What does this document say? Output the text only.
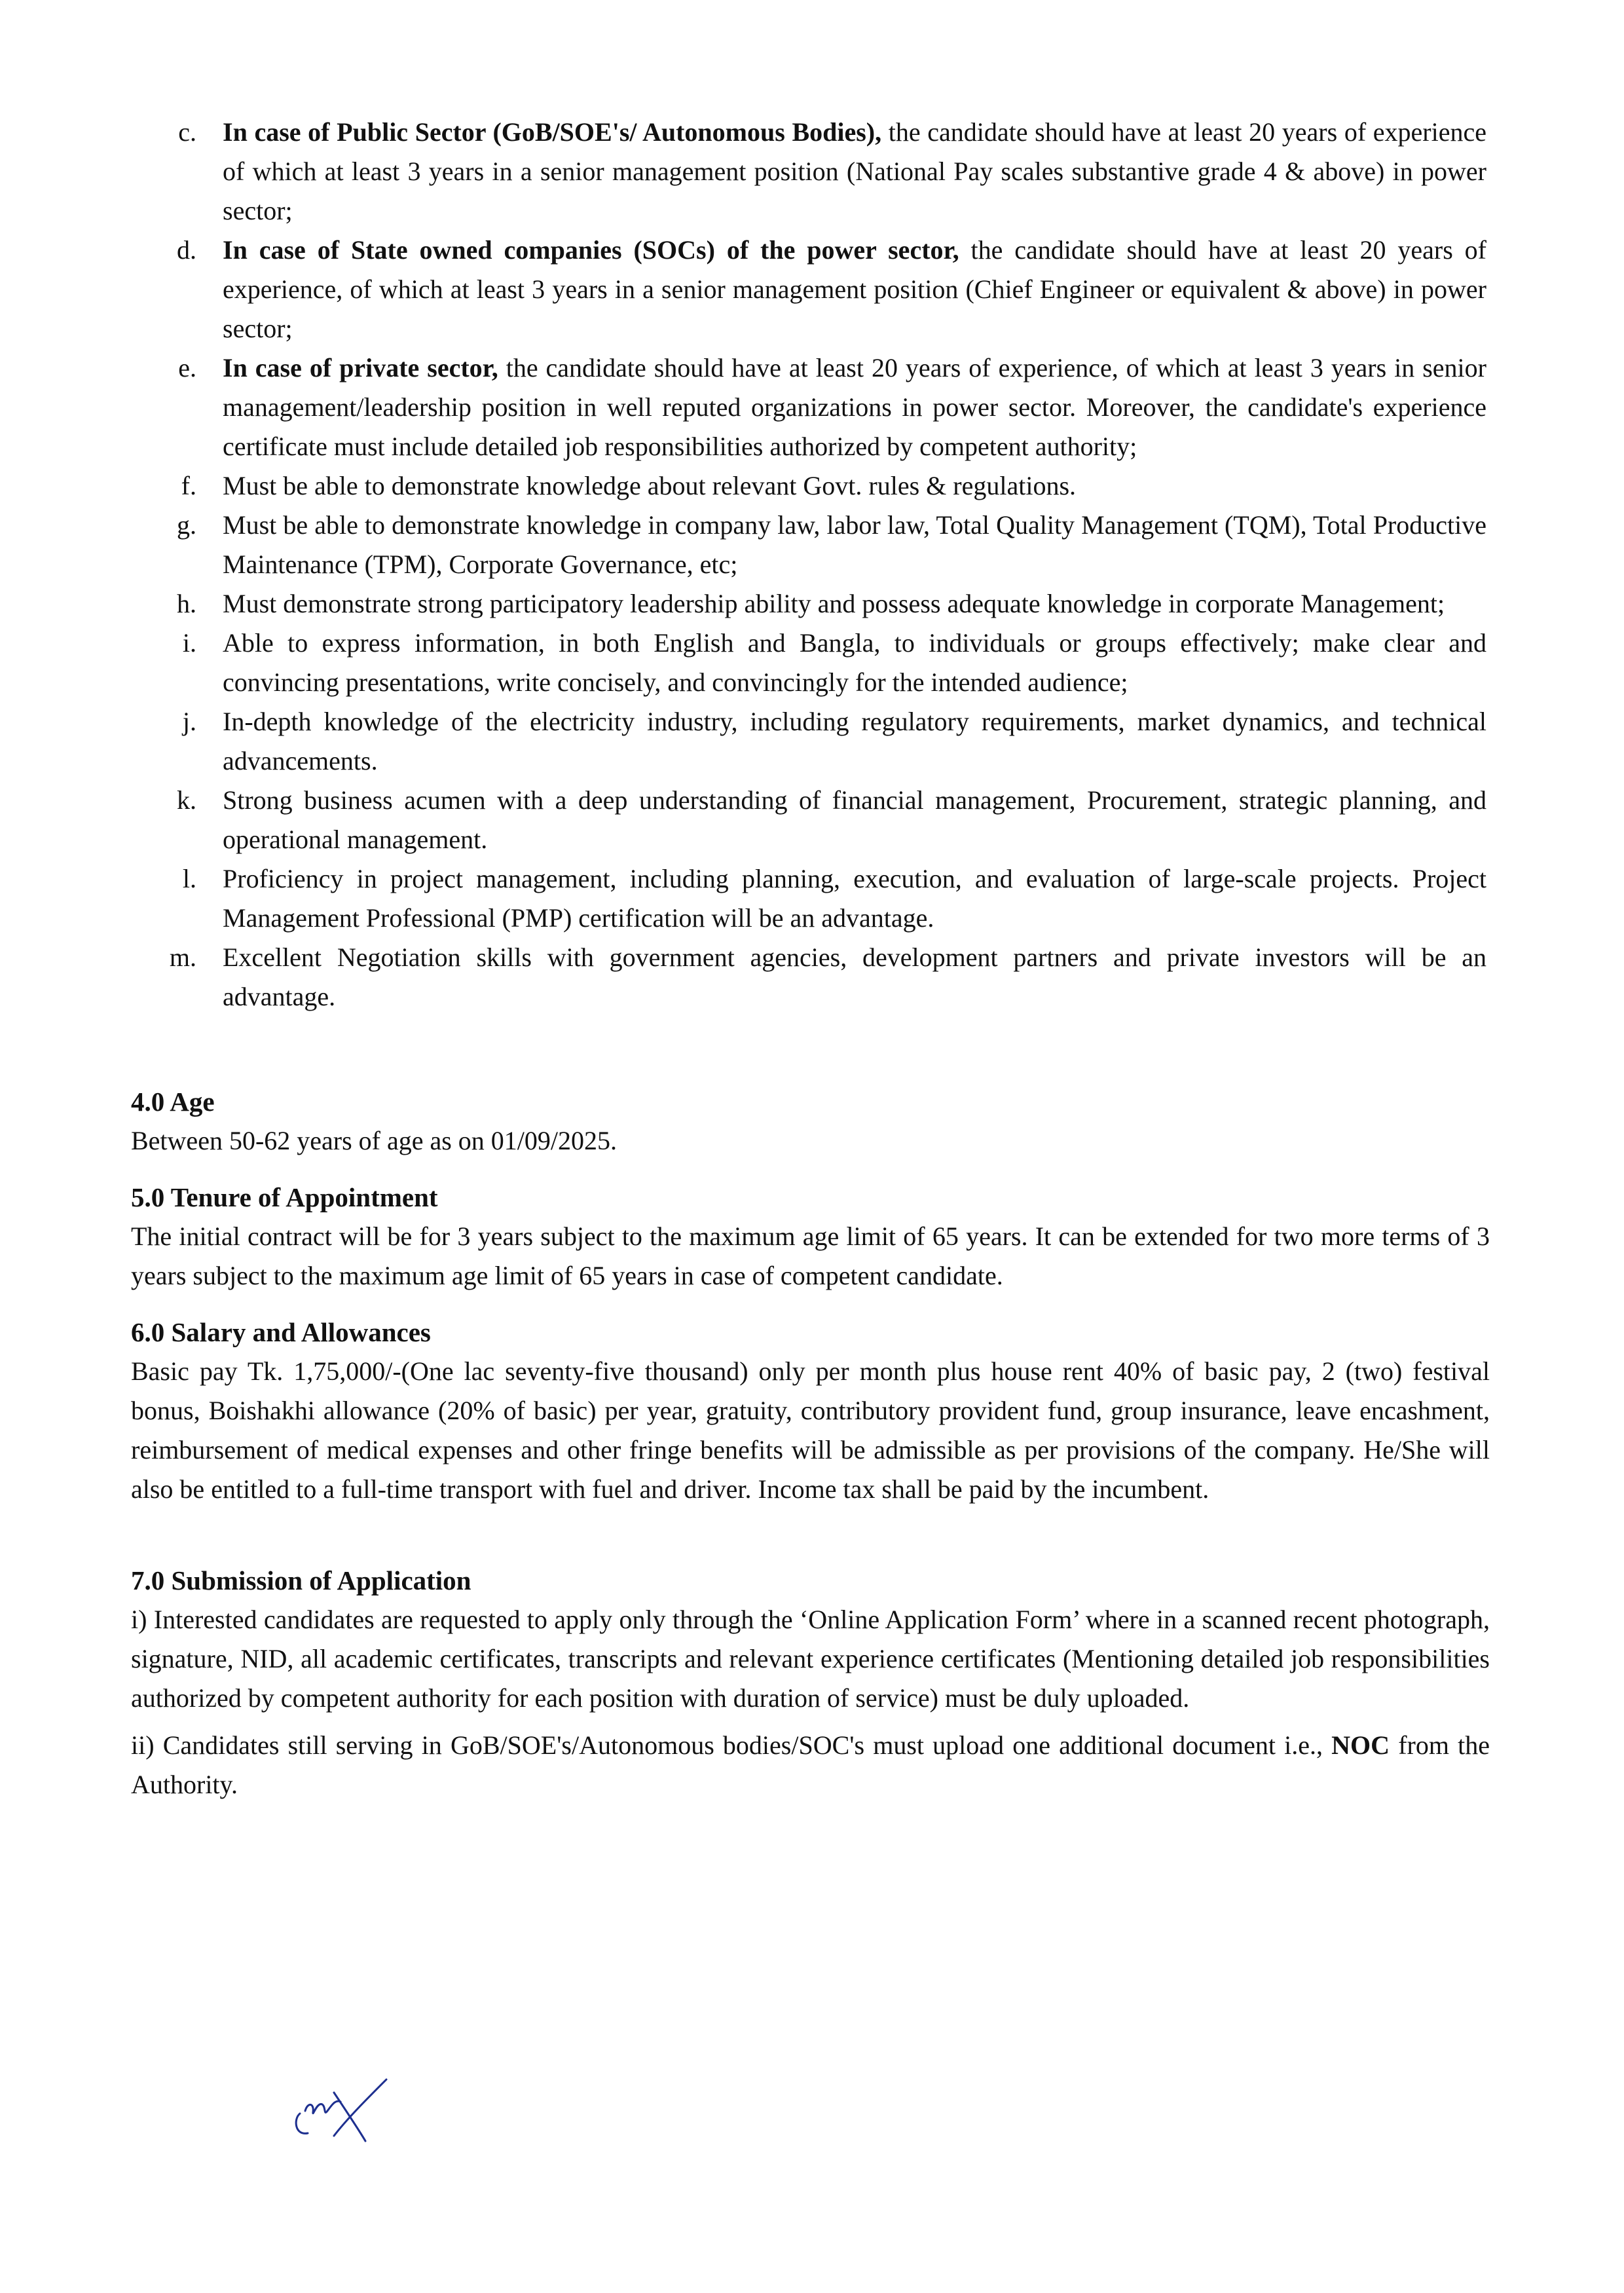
c.	In case of Public Sector (GoB/SOE's/ Autonomous Bodies), the candidate should have at least 20 years of experience of which at least 3 years in a senior management position (National Pay scales substantive grade 4 & above) in power sector;
d.	In case of State owned companies (SOCs) of the power sector, the candidate should have at least 20 years of experience, of which at least 3 years in a senior management position (Chief Engineer or equivalent & above) in power sector;
e.	In case of private sector, the candidate should have at least 20 years of experience, of which at least 3 years in senior management/leadership position in well reputed organizations in power sector. Moreover, the candidate's experience certificate must include detailed job responsibilities authorized by competent authority;
f.	Must be able to demonstrate knowledge about relevant Govt. rules & regulations.
g.	Must be able to demonstrate knowledge in company law, labor law, Total Quality Management (TQM), Total Productive Maintenance (TPM), Corporate Governance, etc;
h.	Must demonstrate strong participatory leadership ability and possess adequate knowledge in corporate Management;
i.	Able to express information, in both English and Bangla, to individuals or groups effectively; make clear and convincing presentations, write concisely, and convincingly for the intended audience;
j.	In-depth knowledge of the electricity industry, including regulatory requirements, market dynamics, and technical advancements.
k.	Strong business acumen with a deep understanding of financial management, Procurement, strategic planning, and operational management.
l.	Proficiency in project management, including planning, execution, and evaluation of large-scale projects. Project Management Professional (PMP) certification will be an advantage.
m.	Excellent Negotiation skills with government agencies, development partners and private investors will be an advantage.
4.0 Age
Between 50-62 years of age as on 01/09/2025.
5.0 Tenure of Appointment
The initial contract will be for 3 years subject to the maximum age limit of 65 years. It can be extended for two more terms of 3 years subject to the maximum age limit of 65 years in case of competent candidate.
6.0 Salary and Allowances
Basic pay Tk. 1,75,000/-(One lac seventy-five thousand) only per month plus house rent 40% of basic pay, 2 (two) festival bonus, Boishakhi allowance (20% of basic) per year, gratuity, contributory provident fund, group insurance, leave encashment, reimbursement of medical expenses and other fringe benefits will be admissible as per provisions of the company. He/She will also be entitled to a full-time transport with fuel and driver. Income tax shall be paid by the incumbent.
7.0 Submission of Application
i) Interested candidates are requested to apply only through the ‘Online Application Form’ where in a scanned recent photograph, signature, NID, all academic certificates, transcripts and relevant experience certificates (Mentioning detailed job responsibilities authorized by competent authority for each position with duration of service) must be duly uploaded.
ii) Candidates still serving in GoB/SOE's/Autonomous bodies/SOC's must upload one additional document i.e., NOC from the Authority.
